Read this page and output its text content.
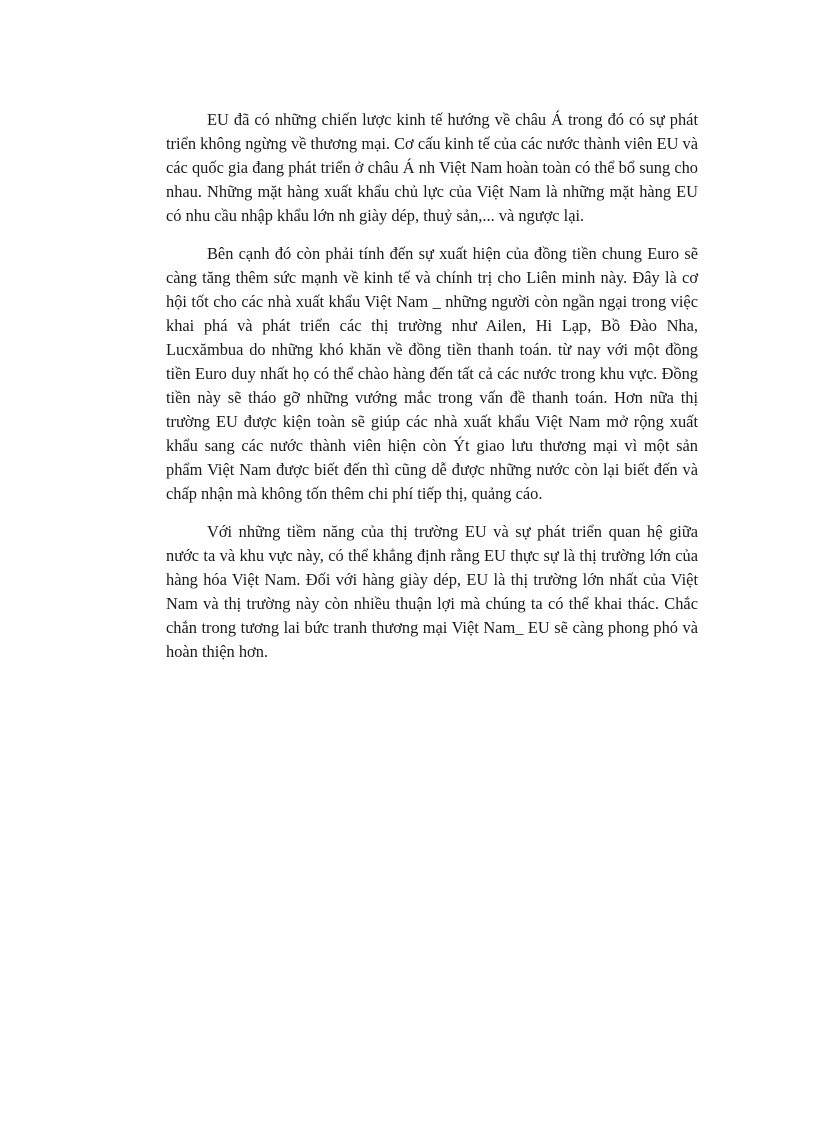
EU đã có những chiến lược kinh tế hướng về châu Á trong đó có sự phát triển không ngừng về thương mại. Cơ cấu kinh tế của các nước thành viên EU và các quốc gia đang phát triển ở châu Á nh Việt Nam hoàn toàn có thể bổ sung cho nhau. Những mặt hàng xuất khẩu chủ lực của Việt Nam là những mặt hàng EU có nhu cầu nhập khẩu lớn nh giày dép, thuỷ sản,... và ngược lại.

Bên cạnh đó còn phải tính đến sự xuất hiện của đồng tiền chung Euro sẽ càng tăng thêm sức mạnh về kinh tế và chính trị cho Liên minh này. Đây là cơ hội tốt cho các nhà xuất khẩu Việt Nam _ những người còn ngần ngại trong việc khai phá và phát triển các thị trường như Ailen, Hi Lạp, Bồ Đào Nha, Lucxămbua do những khó khăn về đồng tiền thanh toán. từ nay với một đồng tiền Euro duy nhất họ có thể chào hàng đến tất cả các nước trong khu vực. Đồng tiền này sẽ tháo gỡ những vướng mắc trong vấn đề thanh toán. Hơn nữa thị trường EU được kiện toàn sẽ giúp các nhà xuất khẩu Việt Nam mở rộng xuất khẩu sang các nước thành viên hiện còn Ýt giao lưu thương mại vì một sản phẩm Việt Nam được biết đến thì cũng dễ được những nước còn lại biết đến và chấp nhận mà không tốn thêm chi phí tiếp thị, quảng cáo.

Với những tiềm năng của thị trường EU và sự phát triển quan hệ giữa nước ta và khu vực này, có thể khẳng định rằng EU thực sự là thị trường lớn của hàng hóa Việt Nam. Đối với hàng giày dép, EU là thị trường lớn nhất của Việt Nam và thị trường này còn nhiều thuận lợi mà chúng ta có thể khai thác. Chắc chắn trong tương lai bức tranh thương mại Việt Nam_ EU sẽ càng phong phó và hoàn thiện hơn.
